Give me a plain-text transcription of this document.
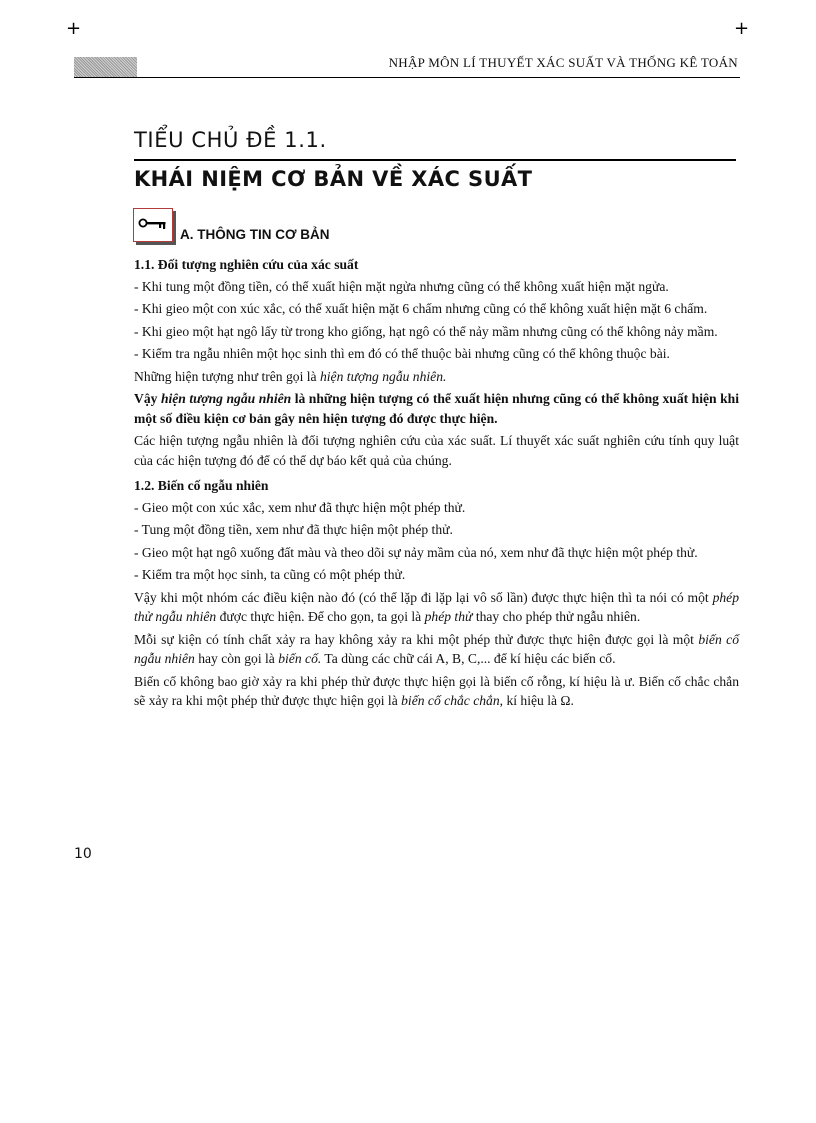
+	+
NHẬP MÔN LÍ THUYẾT XÁC SUẤT VÀ THỐNG KÊ TOÁN
TIỂU CHỦ ĐỀ 1.1.
KHÁI NIỆM CƠ BẢN VỀ XÁC SUẤT
A. THÔNG TIN CƠ BẢN

1.1. Đối tượng nghiên cứu của xác suất

- Khi tung một đồng tiền, có thể xuất hiện mặt ngửa nhưng cũng có thể không xuất hiện mặt ngửa.

- Khi gieo một con xúc xắc, có thể xuất hiện mặt 6 chấm nhưng cũng có thể không xuất hiện mặt 6 chấm.

- Khi gieo một hạt ngô lấy từ trong kho giống, hạt ngô có thể nảy mầm nhưng cũng có thể không nảy mầm.

- Kiểm tra ngẫu nhiên một học sinh thì em đó có thể thuộc bài nhưng cũng có thể không thuộc bài.

Những hiện tượng như trên gọi là hiện tượng ngẫu nhiên.

Vậy hiện tượng ngẫu nhiên là những hiện tượng có thể xuất hiện nhưng cũng có thể không xuất hiện khi một số điều kiện cơ bản gây nên hiện tượng đó được thực hiện.

Các hiện tượng ngẫu nhiên là đối tượng nghiên cứu của xác suất. Lí thuyết xác suất nghiên cứu tính quy luật của các hiện tượng đó để có thể dự báo kết quả của chúng.

1.2. Biến cố ngẫu nhiên

- Gieo một con xúc xắc, xem như đã thực hiện một phép thử.

- Tung một đồng tiền, xem như đã thực hiện một phép thử.

- Gieo một hạt ngô xuống đất màu và theo dõi sự nảy mầm của nó, xem như đã thực hiện một phép thử.

- Kiểm tra một học sinh, ta cũng có một phép thử.

Vậy khi một nhóm các điều kiện nào đó (có thể lặp đi lặp lại vô số lần) được thực hiện thì ta nói có một phép thử ngẫu nhiên được thực hiện. Để cho gọn, ta gọi là phép thử thay cho phép thử ngẫu nhiên.

Mỗi sự kiện có tính chất xảy ra hay không xảy ra khi một phép thử được thực hiện được gọi là một biến cố ngẫu nhiên hay còn gọi là biến cố. Ta dùng các chữ cái A, B, C,... để kí hiệu các biến cố.

Biến cố không bao giờ xảy ra khi phép thử được thực hiện gọi là biến cố rỗng, kí hiệu là ư. Biến cố chắc chắn sẽ xảy ra khi một phép thử được thực hiện gọi là biến cố chắc chắn, kí hiệu là Ω.

10
